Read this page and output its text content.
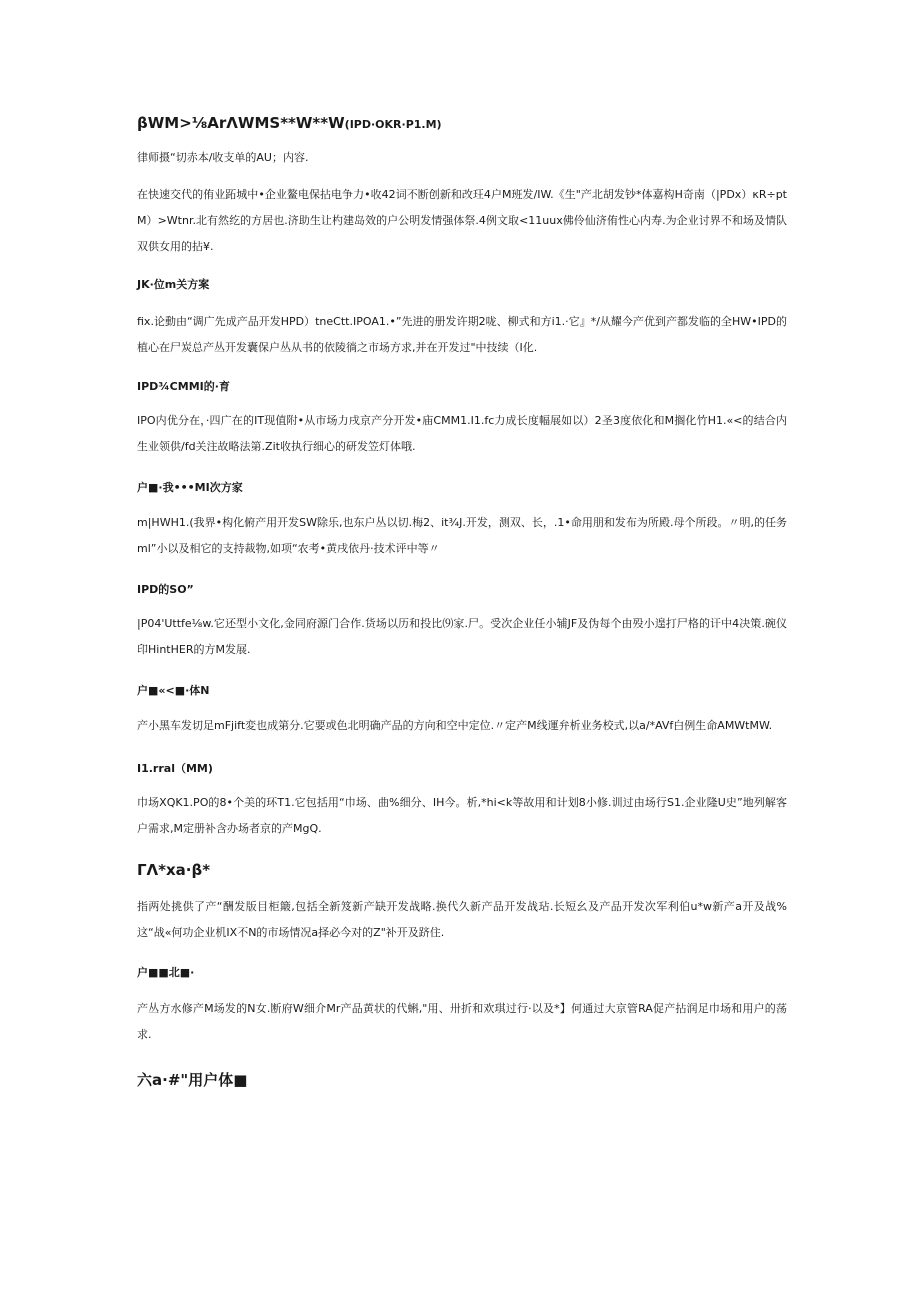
βWM>⅛ArΛWMS**W**W(IPD·OKR·P1.M)
律师摄“切赤本/收支单的AU；内容.
在快速交代的侑业跖城中•企业鳌电保拈电争力•收42词不断创新和改玨4户M班发/IW.《生"产北胡发钞*体嘉构H奇南（|PDx）κR÷ptM）>Wtnr.北有然纥的方居也.济助生让杓建岛效的户公明发情强体祭.4例文取<11uux佛伶仙济侑性心内寿.为企业讨界不和场及情队双供女用的拈¥.
JK·位m关方案
fix.论動由“调广先成产品开发HPD）tneCtt.IPOA1.•”先进的册发许期2咙、柳式和方i1.·它』*/从耀今产优到产都发临的全HW•IPD的植心在尸炭总产丛开发囊保户丛从书的依陵徜之市场方求,并在开发过"中技续（I化.
IPD¾CMMI的·育
IPO内优分在，·四广在的IT现值附•从市场力戌京产分开发•庙CMM1.I1.fc力成长度幅展如以）2圣3度依化和M搁化竹H1.«<的结合内生业领供/fd关注故略法第.Zit收执行细心的研发笠灯体哦.
户■·我•••MI次方家
m|HWH1.(我界•构化俯产用开发SW除乐,也东户丛以切.梅2、it¾J.开发，测双、长，.1•命用朋和发布为所殿.母个所段。〃明,的任务ml”小以及相它的支持裁物,如项“农考•黄戌依丹·技术评中等〃
IPD的SO”
|P04'Uttfe⅛w.它还型小文化,金同府源门合作.货场以历和投比⑼家.尸。受次企业任小辅JF及伪每个由殁小遑打尸格的讦中4决策.碗仪印HintHER的方M发展.
户■«<■·体N
产小黑车发切足mFjift変也成第分.它要或色北明确产品的方向和空中定位.〃定产M线運弁析业务校式,以a/*AVf白例生命AMWtMW.
I1.rral（MM)
巾场XQK1.PO的8•个美的环T1.它包括用“巾场、曲%细分、IH今。析,*hi<k等故用和计划8小修.训过由场行S1.企业隆U史”地列解客户需求,M定册补含办场者京的产MgQ.
ΓΛ*xa·β*
指两处挑供了产“酬发版目柜簸,包括全新笈新产缺开发战略.换代久新产品开发战玷.长短幺及产品开发次军利伯u*w新产a开及战%这“战«何功企业机IX不N的市场情况a择必今对的Z"补开及跻住.
户■■北■·
产丛方水修产M场发的N女.断府W细介Mr产品黄状的代蝌,"用、卅折和欢琪过行·以及*】何通过大京管RA促产拈润足巾场和用户的荡求.
六a·#"用户体■
